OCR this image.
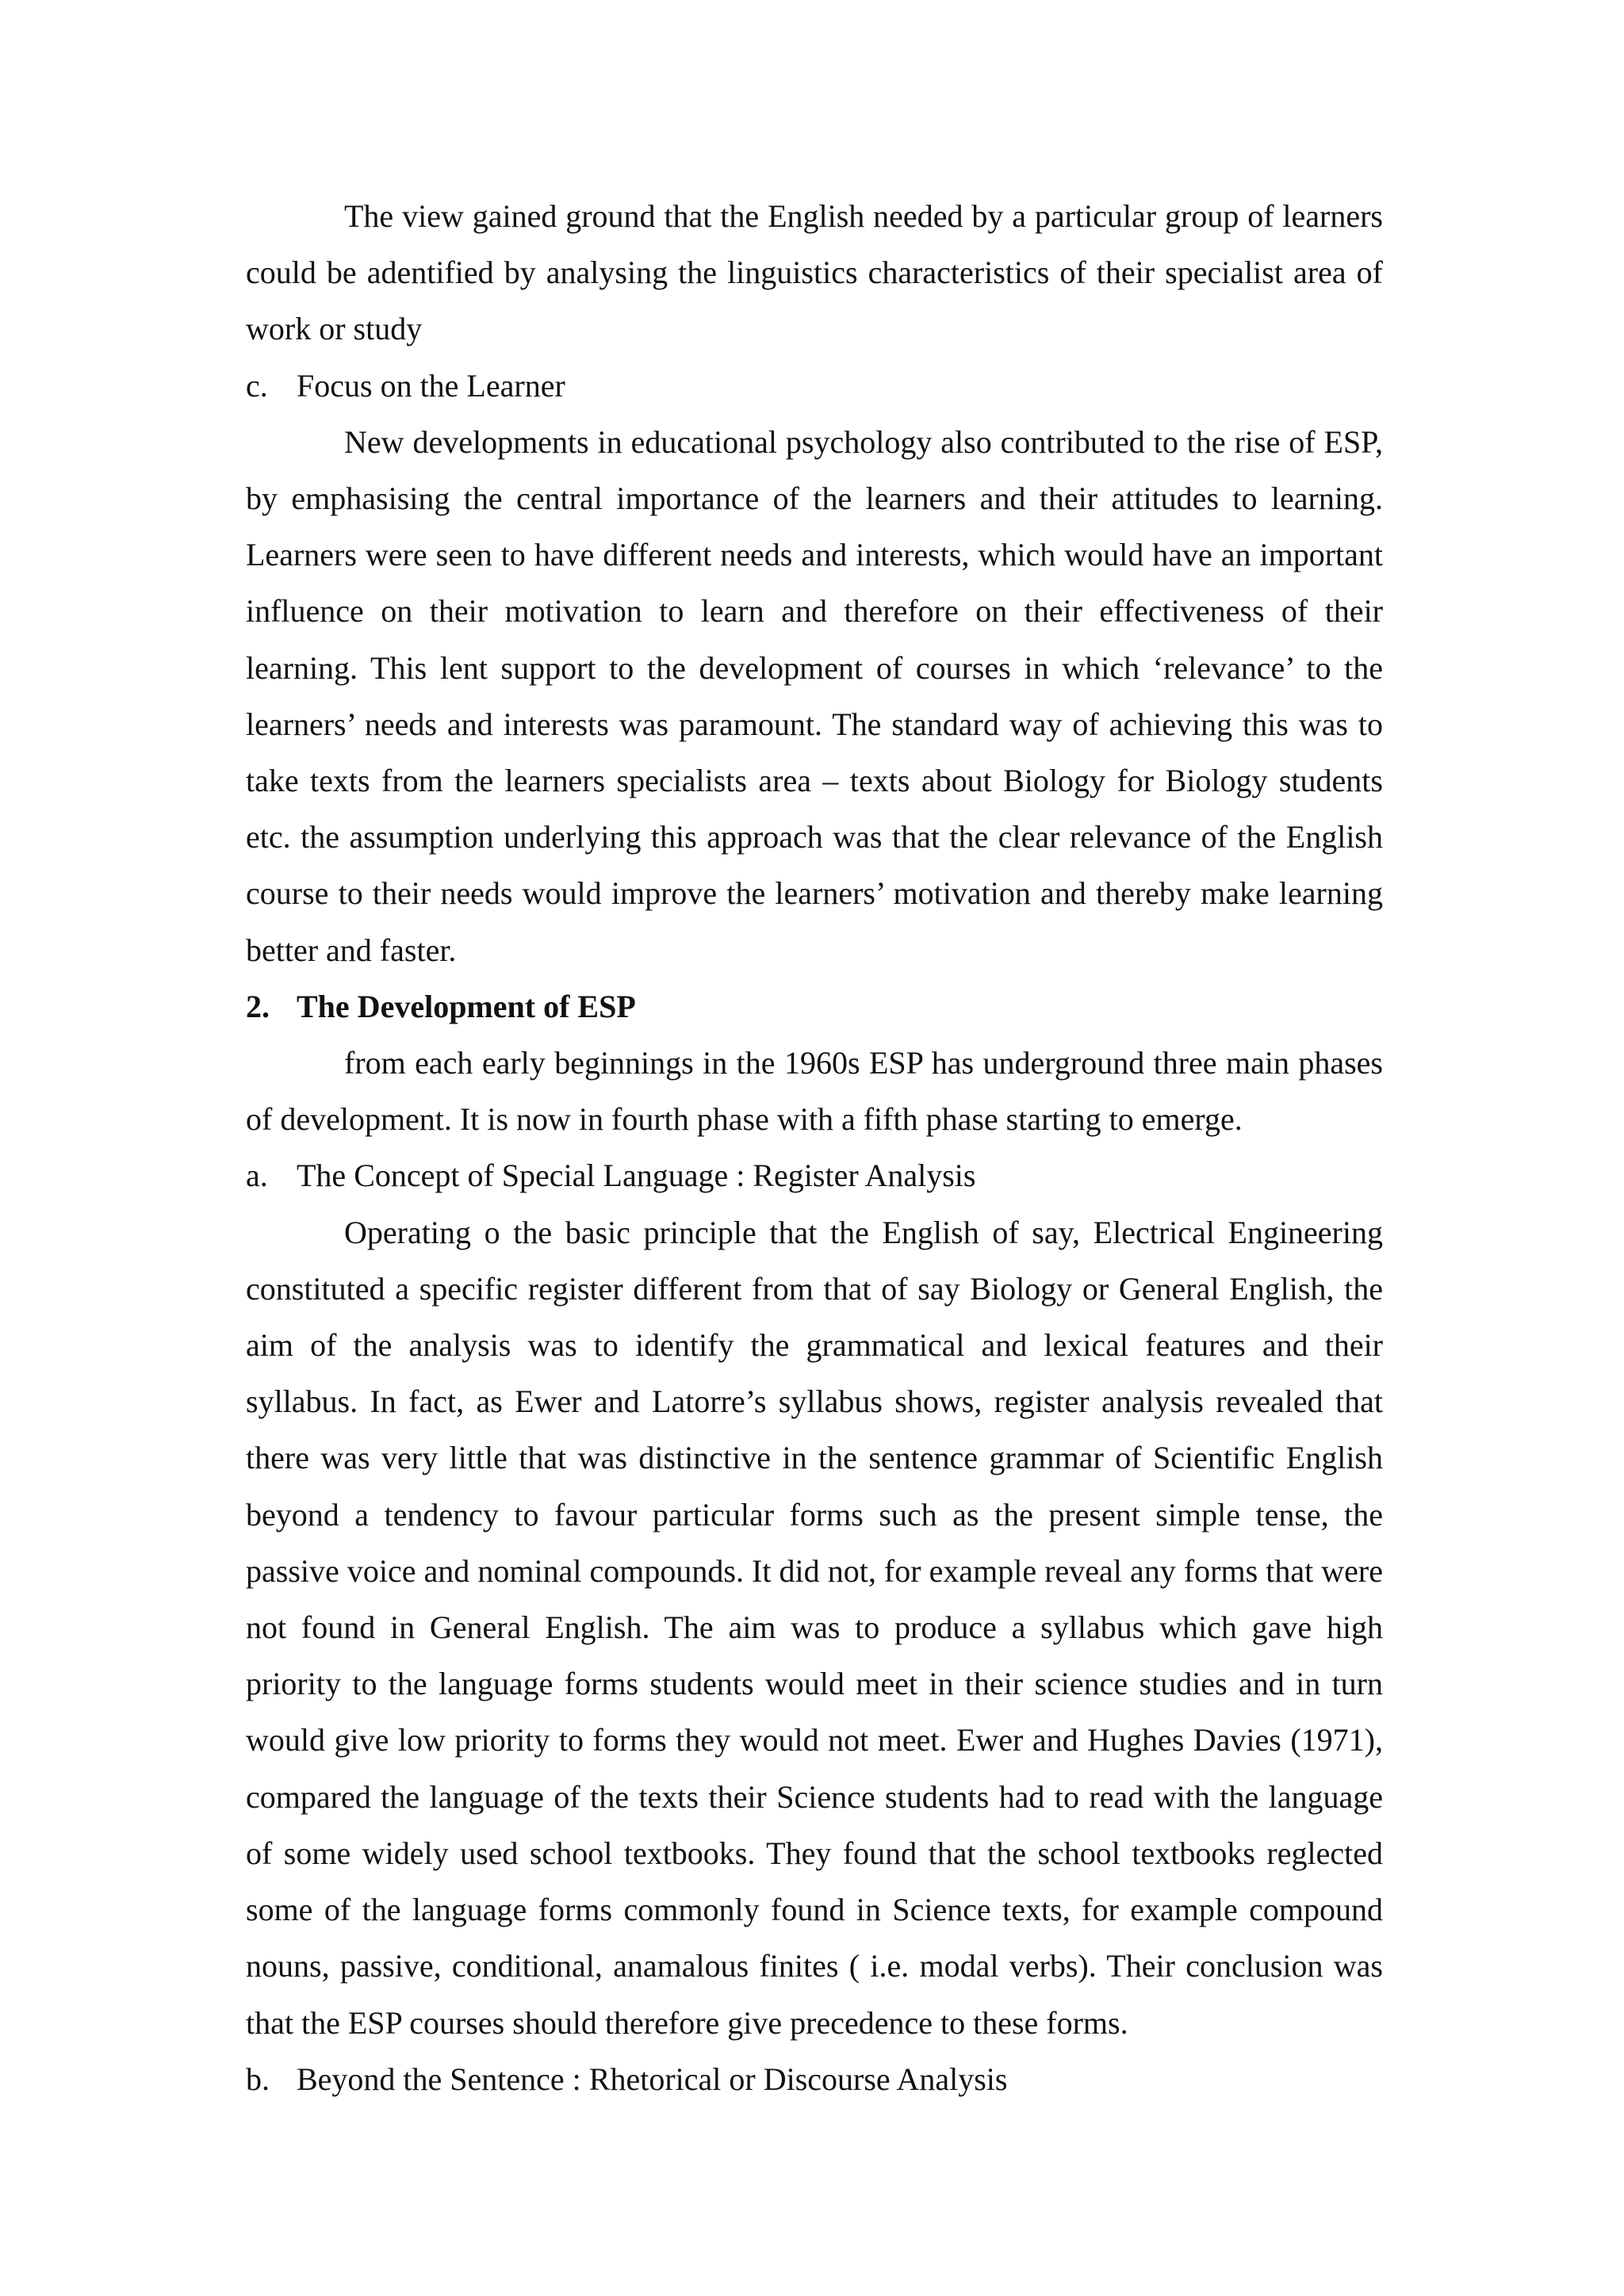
The view gained ground that the English needed by a particular group of learners could be adentified by analysing the linguistics characteristics of their specialist area of work or study

c. Focus on the Learner

New developments in educational psychology also contributed to the rise of ESP, by emphasising the central importance of the learners and their attitudes to learning. Learners were seen to have different needs and interests, which would have an important influence on their motivation to learn and therefore on their effectiveness of their learning. This lent support to the development of courses in which ‘relevance’ to the learners’ needs and interests was paramount. The standard way of achieving this was to take texts from the learners specialists area – texts about Biology for Biology students etc. the assumption underlying this approach was that the clear relevance of the English course to their needs would improve the learners’ motivation and thereby make learning better and faster.

2. The Development of ESP

from each early beginnings in the 1960s ESP has underground three main phases of development. It is now in fourth phase with a fifth phase starting to emerge.

a. The Concept of Special Language : Register Analysis

Operating o the basic principle that the English of say, Electrical Engineering constituted a specific register different from that of say Biology or General English, the aim of the analysis was to identify the grammatical and lexical features and their syllabus. In fact, as Ewer and Latorre’s syllabus shows, register analysis revealed that there was very little that was distinctive in the sentence grammar of Scientific English beyond a tendency to favour particular forms such as the present simple tense, the passive voice and nominal compounds. It did not, for example reveal any forms that were not found in General English. The aim was to produce a syllabus which gave high priority to the language forms students would meet in their science studies and in turn would give low priority to forms they would not meet. Ewer and Hughes Davies (1971), compared the language of the texts their Science students had to read with the language of some widely used school textbooks. They found that the school textbooks reglected some of the language forms commonly found in Science texts, for example compound nouns, passive, conditional, anamalous finites ( i.e. modal verbs). Their conclusion was that the ESP courses should therefore give precedence to these forms.

b. Beyond the Sentence : Rhetorical or Discourse Analysis
